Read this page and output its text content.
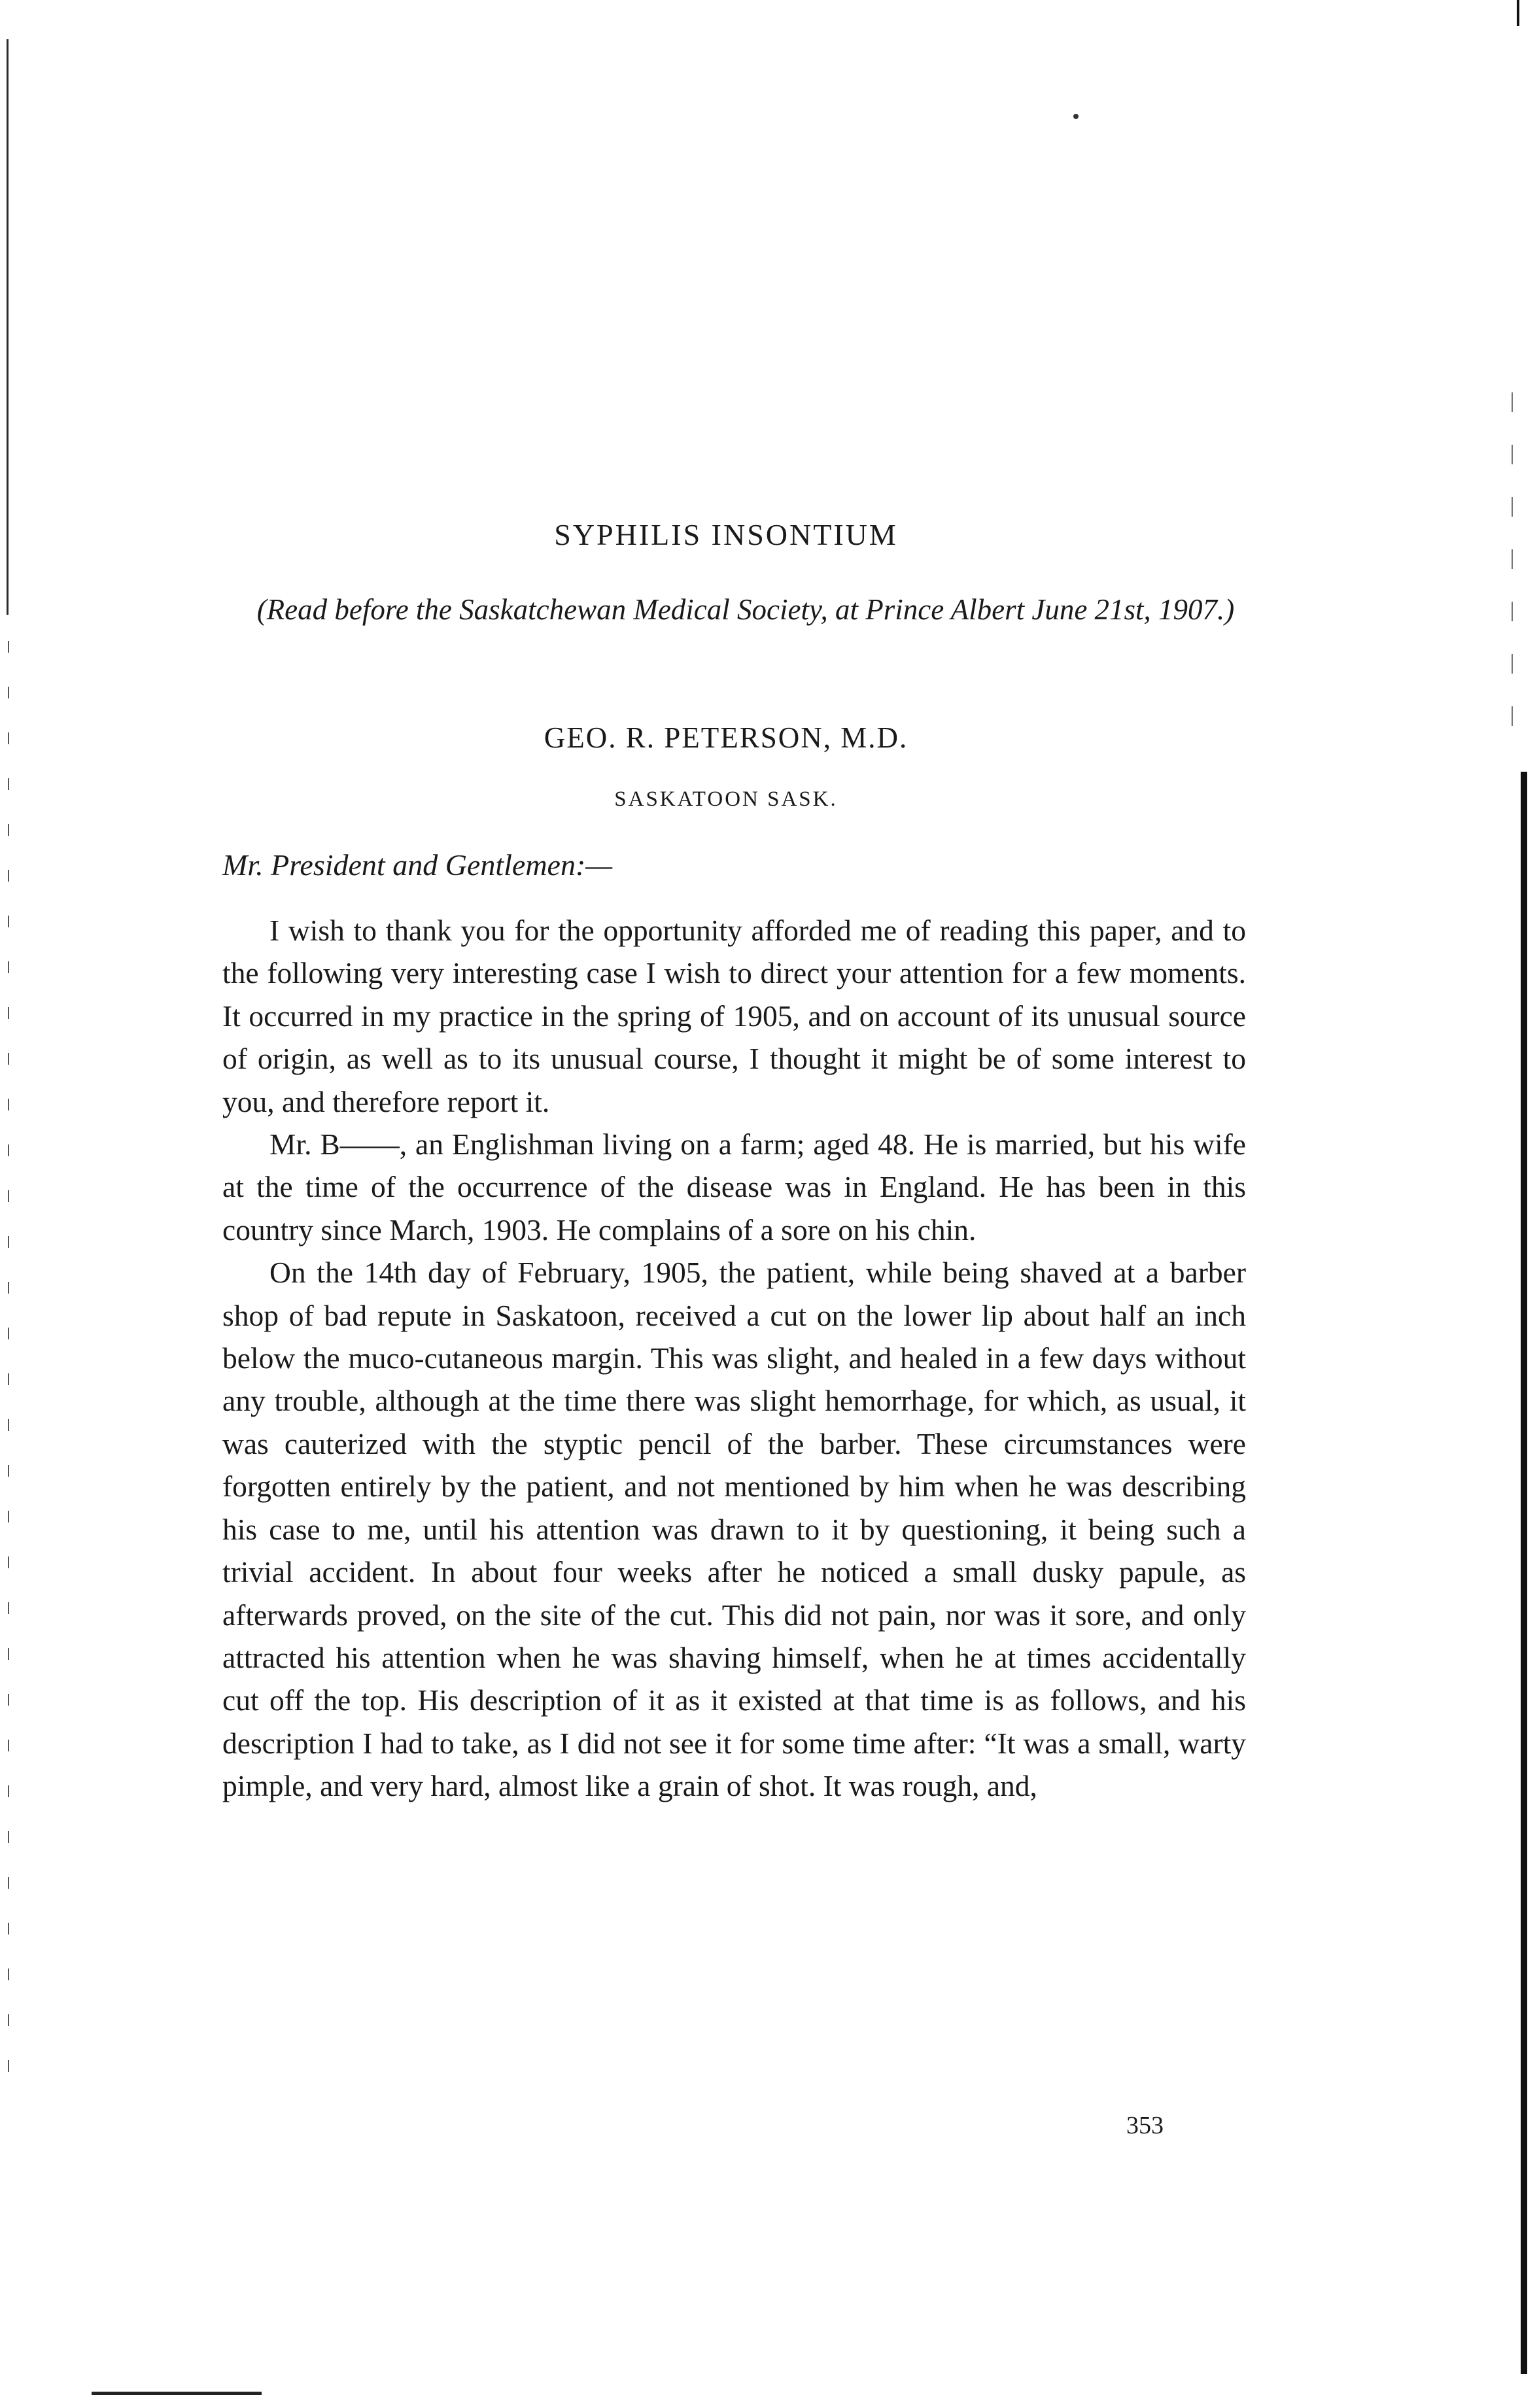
SYPHILIS INSONTIUM
(Read before the Saskatchewan Medical Society, at Prince Albert June 21st, 1907.)
GEO. R. PETERSON, M.D.
SASKATOON SASK.
Mr. President and Gentlemen:—

I wish to thank you for the opportunity afforded me of reading this paper, and to the following very interesting case I wish to direct your attention for a few moments. It occurred in my practice in the spring of 1905, and on account of its unusual source of origin, as well as to its unusual course, I thought it might be of some interest to you, and therefore report it.

Mr. B——, an Englishman living on a farm; aged 48. He is married, but his wife at the time of the occurrence of the disease was in England. He has been in this country since March, 1903. He complains of a sore on his chin.

On the 14th day of February, 1905, the patient, while being shaved at a barber shop of bad repute in Saskatoon, received a cut on the lower lip about half an inch below the muco-cutaneous margin. This was slight, and healed in a few days without any trouble, although at the time there was slight hemorrhage, for which, as usual, it was cauterized with the styptic pencil of the barber. These circumstances were forgotten entirely by the patient, and not mentioned by him when he was describing his case to me, until his attention was drawn to it by questioning, it being such a trivial accident. In about four weeks after he noticed a small dusky papule, as afterwards proved, on the site of the cut. This did not pain, nor was it sore, and only attracted his attention when he was shaving himself, when he at times accidentally cut off the top. His description of it as it existed at that time is as follows, and his description I had to take, as I did not see it for some time after: “It was a small, warty pimple, and very hard, almost like a grain of shot. It was rough, and,

353
